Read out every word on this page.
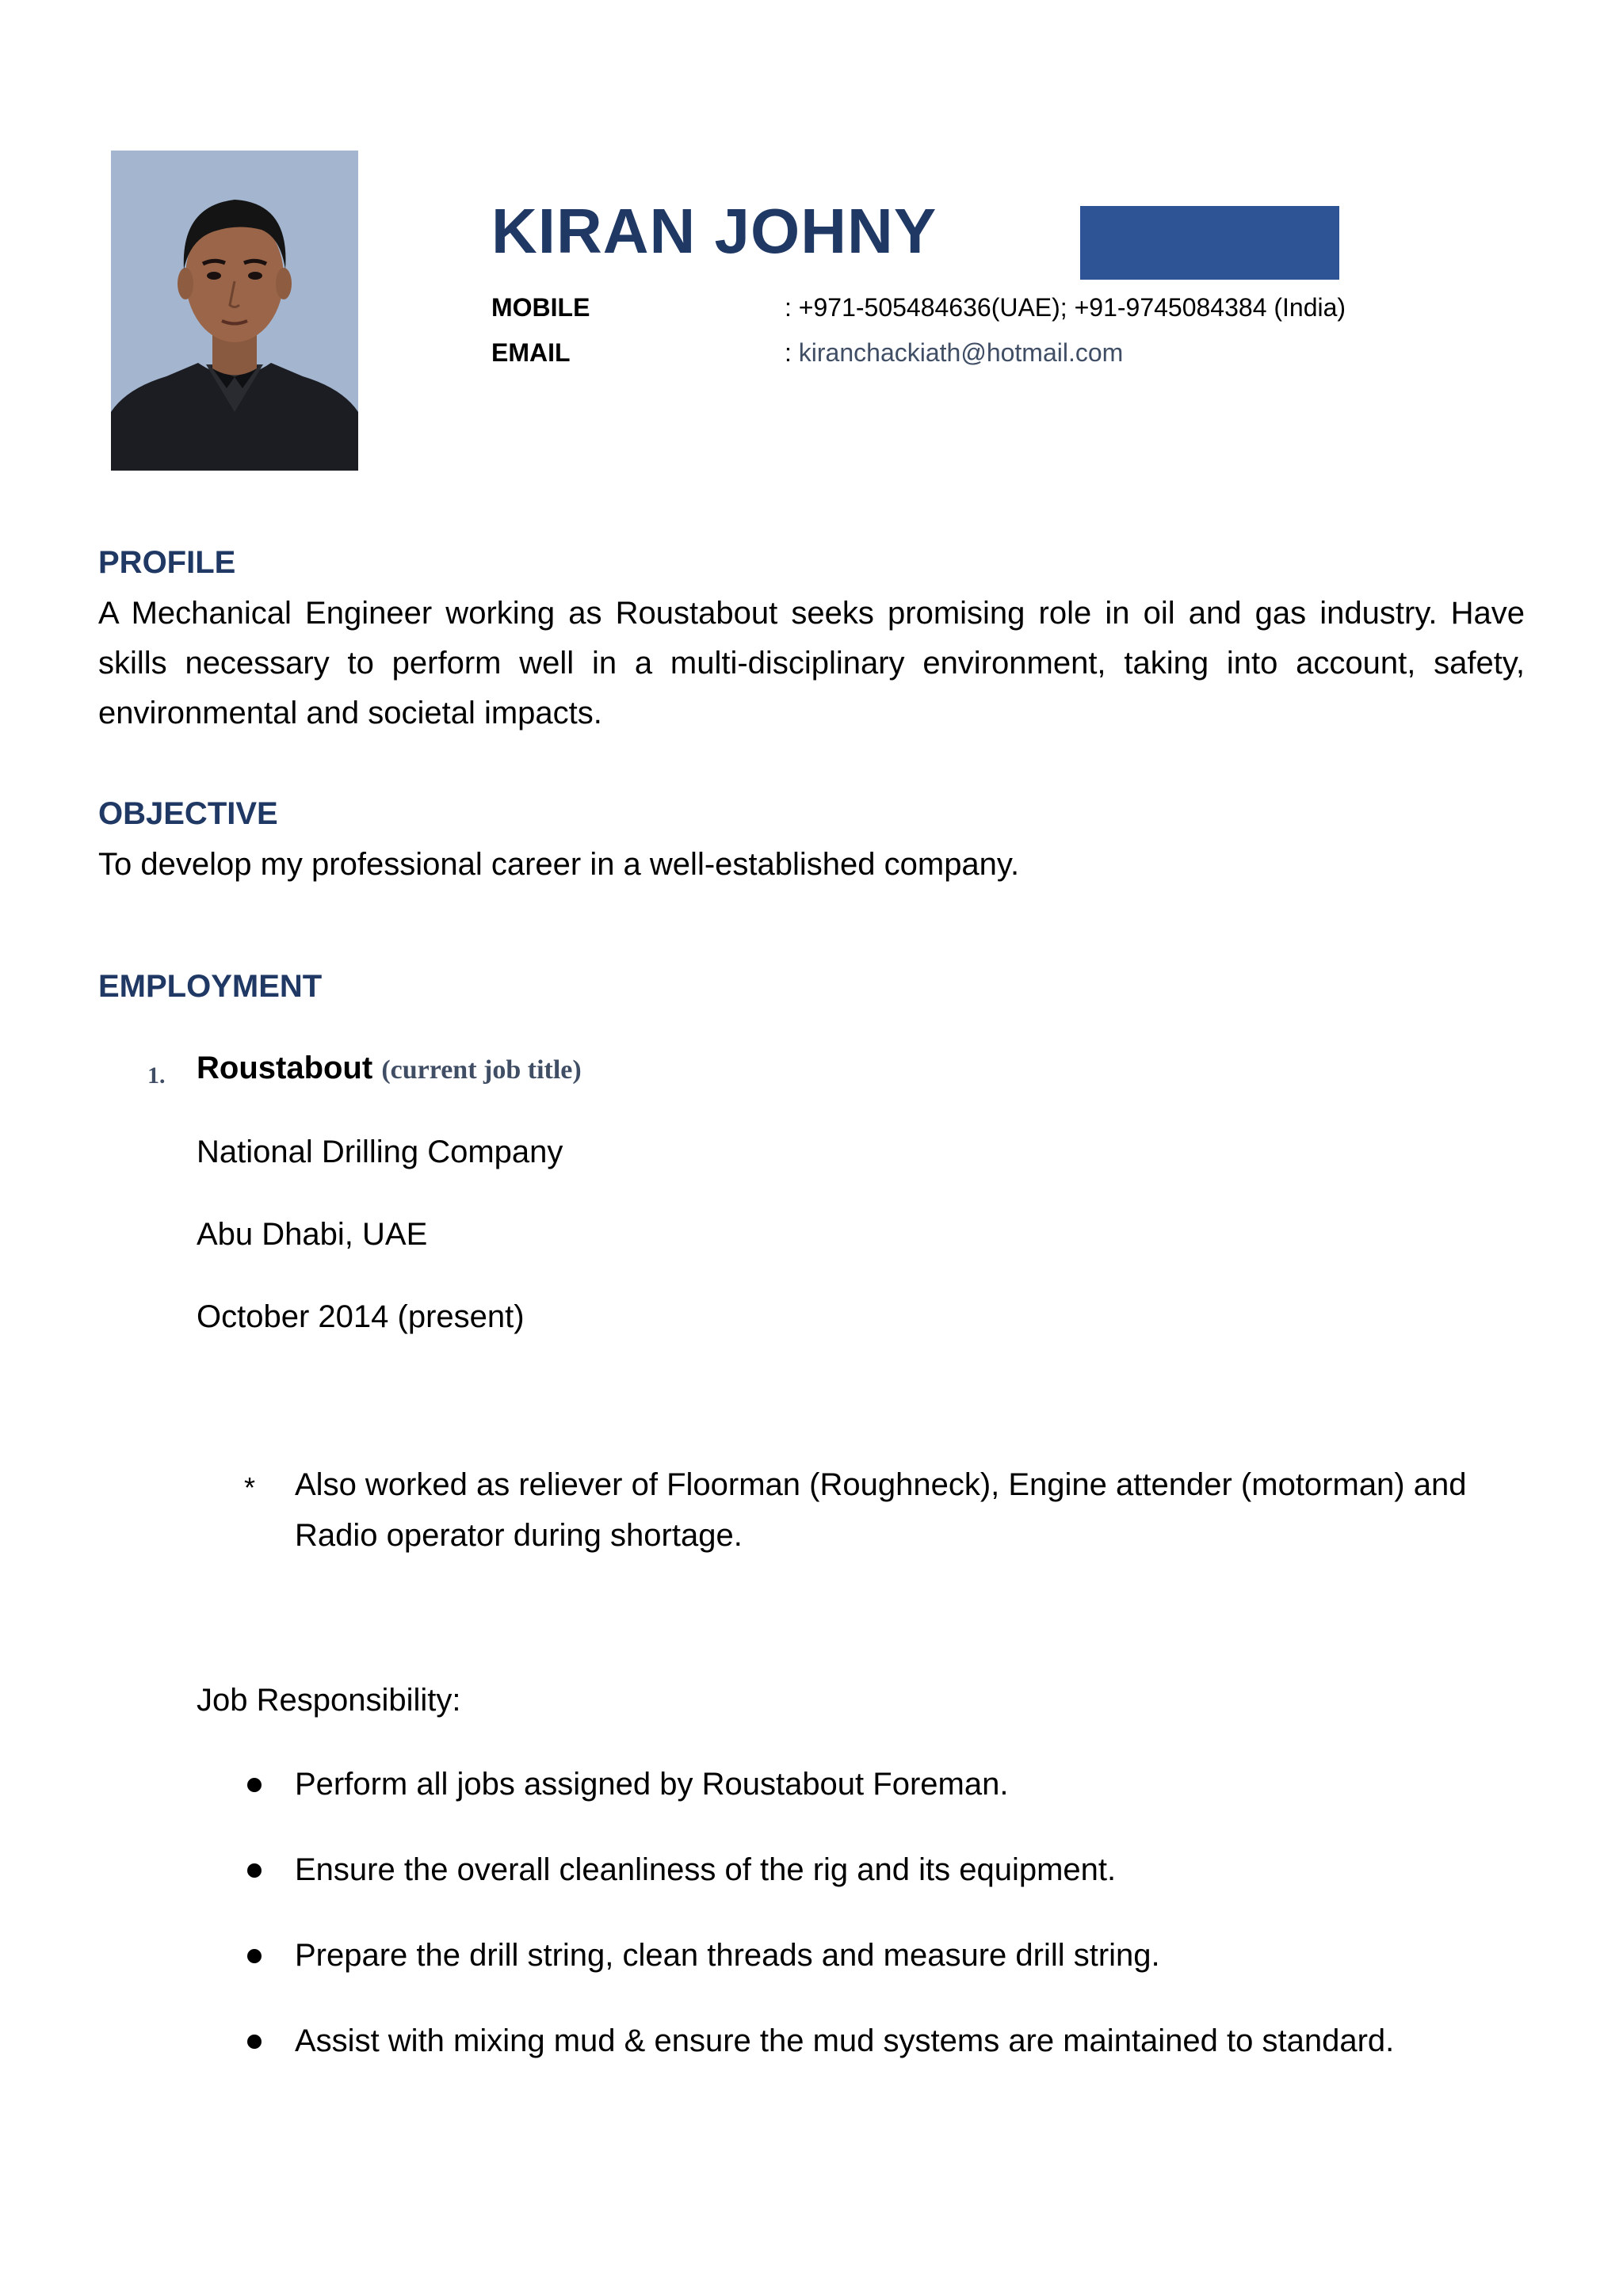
KIRAN JOHNY
MOBILE	: +971-505484636(UAE); +91-9745084384 (India)
EMAIL	: kiranchackiath@hotmail.com
PROFILE
A Mechanical Engineer working as Roustabout seeks promising role in oil and gas industry. Have
skills necessary to perform well in a multi-disciplinary environment, taking into account, safety,
environmental and societal impacts.
OBJECTIVE
To develop my professional career in a well-established company.
EMPLOYMENT
1. Roustabout (current job title)
National Drilling Company
Abu Dhabi, UAE
October 2014 (present)
* Also worked as reliever of Floorman (Roughneck), Engine attender (motorman) and Radio operator during shortage.
Job Responsibility:
Perform all jobs assigned by Roustabout Foreman.
Ensure the overall cleanliness of the rig and its equipment.
Prepare the drill string, clean threads and measure drill string.
Assist with mixing mud & ensure the mud systems are maintained to standard.
